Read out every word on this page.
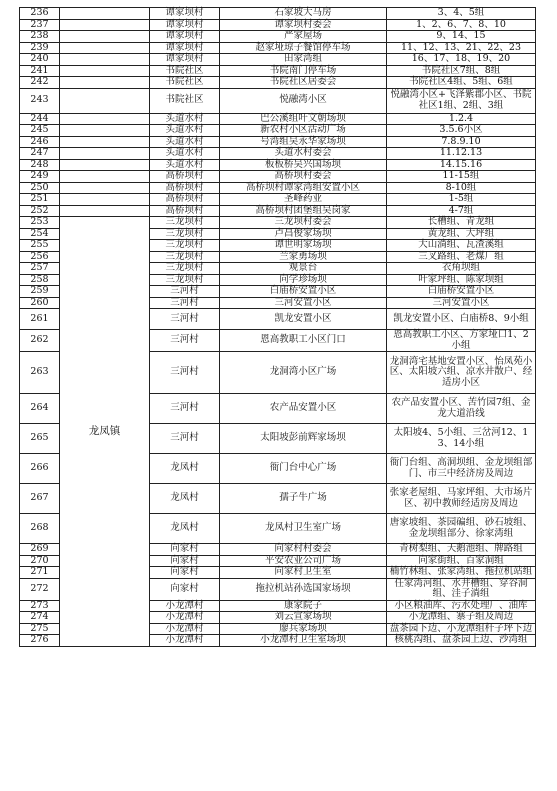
236		谭家坝村	石家坡大马房	3、4、5组
237		谭家坝村	谭家坝村委会	1、2、6、7、8、10
238		谭家坝村	严家屋场	9、14、15
239		谭家坝村	赵家垭琼子餐馆停车场	11、12、13、21、22、23
240		谭家坝村	田家湾组	16、17、18、19、20
241		书院社区	书院南门停车场	书院社区7组、8组
242		书院社区	书院社区居委会	书院社区4组、5组、6组
243		书院社区	悦融湾小区	悦融湾小区+飞泽紫郡小区、书院社区1组、2组、3组
244		头道水村	巴公溪组叶文朝场坝	1.2.4
245		头道水村	新农村小区活动广场	3.5.6小区
246		头道水村	号湾组吴永华家场坝	7.8.9.10
247		头道水村	头道水村委会	11.12.13
248		头道水村	板板桥吴兴国场坝	14.15.16
249		高桥坝村	高桥坝村委会	11-15组
250		高桥坝村	高桥坝村谭家湾组安置小区	8-10组
251		高桥坝村	圣峰药业	1-5组
252		高桥坝村	高桥坝村团堡组吴岗家	4-7组
253	龙凤镇	三龙坝村	三龙坝村委会	长槽组、青龙组
254		三龙坝村	卢昌俊家场坝	黄龙组、大坪组
255		三龙坝村	谭世明家场坝	大山淌组、瓦渣溪组
256		三龙坝村	兰家勇场坝	三叉路组、老煤厂组
257		三龙坝村	观景台	衣角坝组
258		三龙坝村	向学珍场坝	叶家坪组、陈家坝组
259		三河村	白庙桥安置小区	白庙桥安置小区
260		三河村	三河安置小区	三河安置小区
261		三河村	凯龙安置小区	凯龙安置小区、白庙桥8、9小组
262		三河村	恩高教职工小区门口	恩高教职工小区、方家垭口1、2小组
263		三河村	龙洞湾小区广场	龙洞湾宅基地安置小区、怡凤苑小区、太阳坡六组、凉水井散户、经适房小区
264		三河村	农产品安置小区	农产品安置小区、苦竹园7组、金龙大道沿线
265		三河村	太阳坡彭前辉家场坝	太阳坡4、5小组、三岔河12、13、14小组
266		龙凤村	衙门台中心广场	衙门台组、高洞坝组、金龙坝组部门、市三中经济房及周边
267		龙凤村	孺子牛广场	张家老屋组、马家坪组、大市场片区、初中教师经适房及周边
268		龙凤村	龙凤村卫生室广场	唐家坡组、茶园碥组、砂石坡组、金龙坝组部分、徐家湾组
269		向家村	向家村村委会	青树梨组、天鹅池组、牌路组
270		向家村	平安农业公司广场	向家街组、百家洞组
271		向家村	向家村卫生室	楠竹林组、张家湾组、拖拉机站组
272		向家村	拖拉机站孙选国家场坝	任家湾河组、水井槽组、穿谷洞组、洼子淌组
273		小龙潭村	康家院子	小区粮油库、污水处理厂、油库
274		小龙潭村	刘云宣家场坝	小龙潭组、寨子组及周边
275		小龙潭村	廖兵家场坝	盘茶园下边、小龙潭组杆子坪下边
276		小龙潭村	小龙潭村卫生室场坝	核桃沟组、盘茶园上边、沙湾组
